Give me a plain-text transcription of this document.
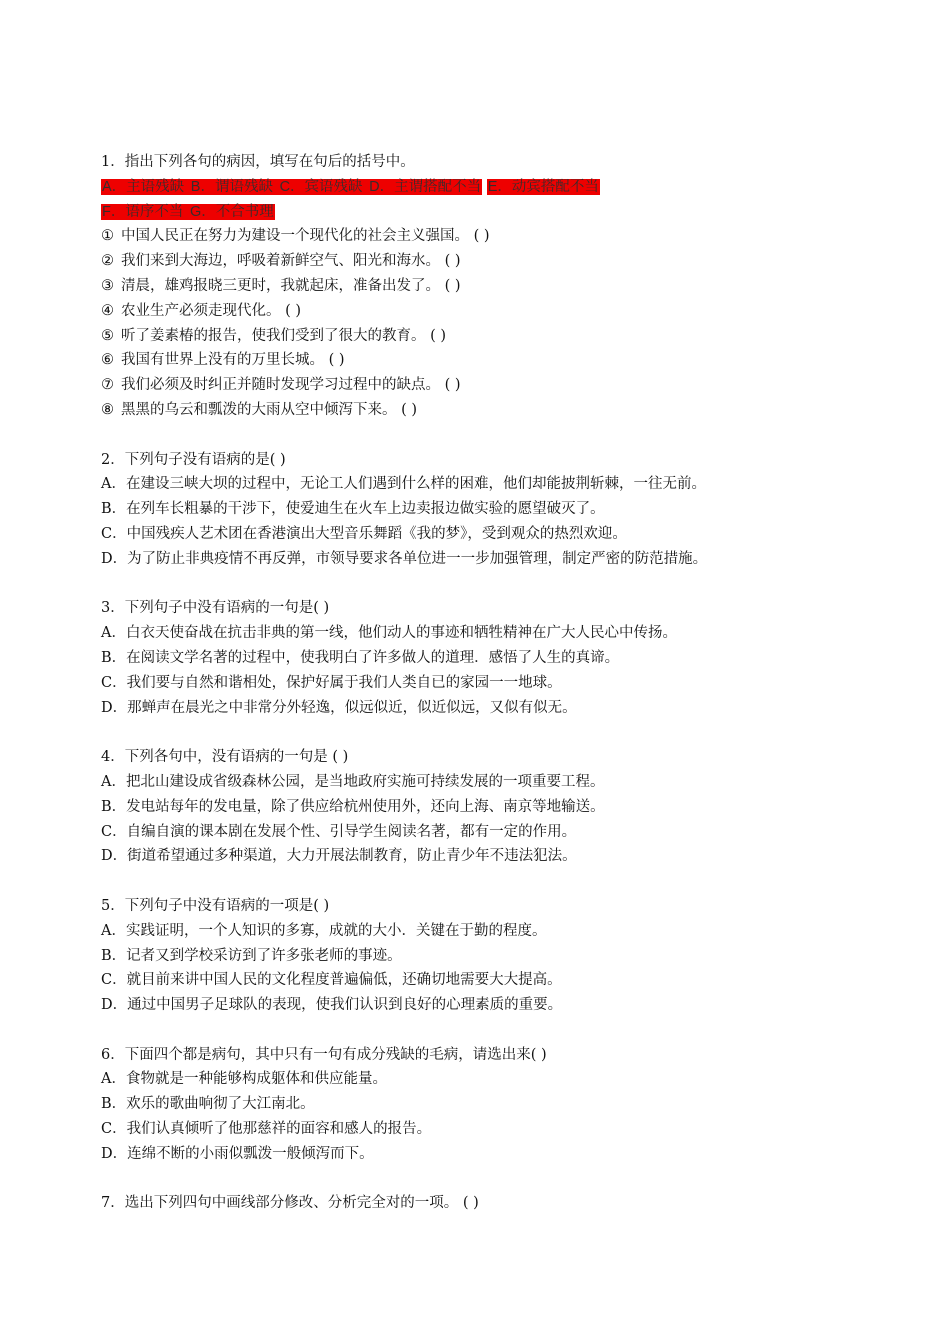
1．指出下列各句的病因，填写在句后的括号中。
A．主语残缺 B．谓语残缺 C．宾语残缺 D．主谓搭配不当 E．动宾搭配不当
F．语序不当 G．不合书理
① 中国人民正在努力为建设一个现代化的社会主义强国。 ( )
② 我们来到大海边，呼吸着新鲜空气、阳光和海水。 ( )
③ 清晨，雄鸡报晓三更时，我就起床，准备出发了。 ( )
④ 农业生产必须走现代化。 ( )
⑤ 听了姜素椿的报告，使我们受到了很大的教育。 ( )
⑥ 我国有世界上没有的万里长城。 ( )
⑦ 我们必须及时纠正并随时发现学习过程中的缺点。 ( )
⑧ 黑黑的乌云和瓢泼的大雨从空中倾泻下来。 ( )
2．下列句子没有语病的是( )
A．在建设三峡大坝的过程中，无论工人们遇到什么样的困难，他们却能披荆斩棘，一往无前。
B．在列车长粗暴的干涉下，使爱迪生在火车上边卖报边做实验的愿望破灭了。
C．中国残疾人艺术团在香港演出大型音乐舞蹈《我的梦》，受到观众的热烈欢迎。
D．为了防止非典疫情不再反弹，市领导要求各单位进一一步加强管理，制定严密的防范措施。
3．下列句子中没有语病的一句是( )
A．白衣天使奋战在抗击非典的第一线，他们动人的事迹和牺牲精神在广大人民心中传扬。
B．在阅读文学名著的过程中，使我明白了许多做人的道理．感悟了人生的真谛。
C．我们要与自然和谐相处，保护好属于我们人类自已的家园一一地球。
D．那蝉声在晨光之中非常分外轻逸，似远似近，似近似远，又似有似无。
4．下列各句中，没有语病的一句是 ( )
A．把北山建设成省级森林公园，是当地政府实施可持续发展的一项重要工程。
B．发电站每年的发电量，除了供应给杭州使用外，还向上海、南京等地输送。
C．自编自演的课本剧在发展个性、引导学生阅读名著，都有一定的作用。
D．街道希望通过多种渠道，大力开展法制教育，防止青少年不违法犯法。
5．下列句子中没有语病的一项是( )
A．实践证明，一个人知识的多寡，成就的大小．关键在于勤的程度。
B．记者又到学校采访到了许多张老师的事迹。
C．就目前来讲中国人民的文化程度普遍偏低，还确切地需要大大提高。
D．通过中国男子足球队的表现，使我们认识到良好的心理素质的重要。
6．下面四个都是病句，其中只有一句有成分残缺的毛病，请选出来( )
A．食物就是一种能够构成躯体和供应能量。
B．欢乐的歌曲响彻了大江南北。
C．我们认真倾听了他那慈祥的面容和感人的报告。
D．连绵不断的小雨似瓢泼一般倾泻而下。
7．选出下列四句中画线部分修改、分析完全对的一项。 ( )
